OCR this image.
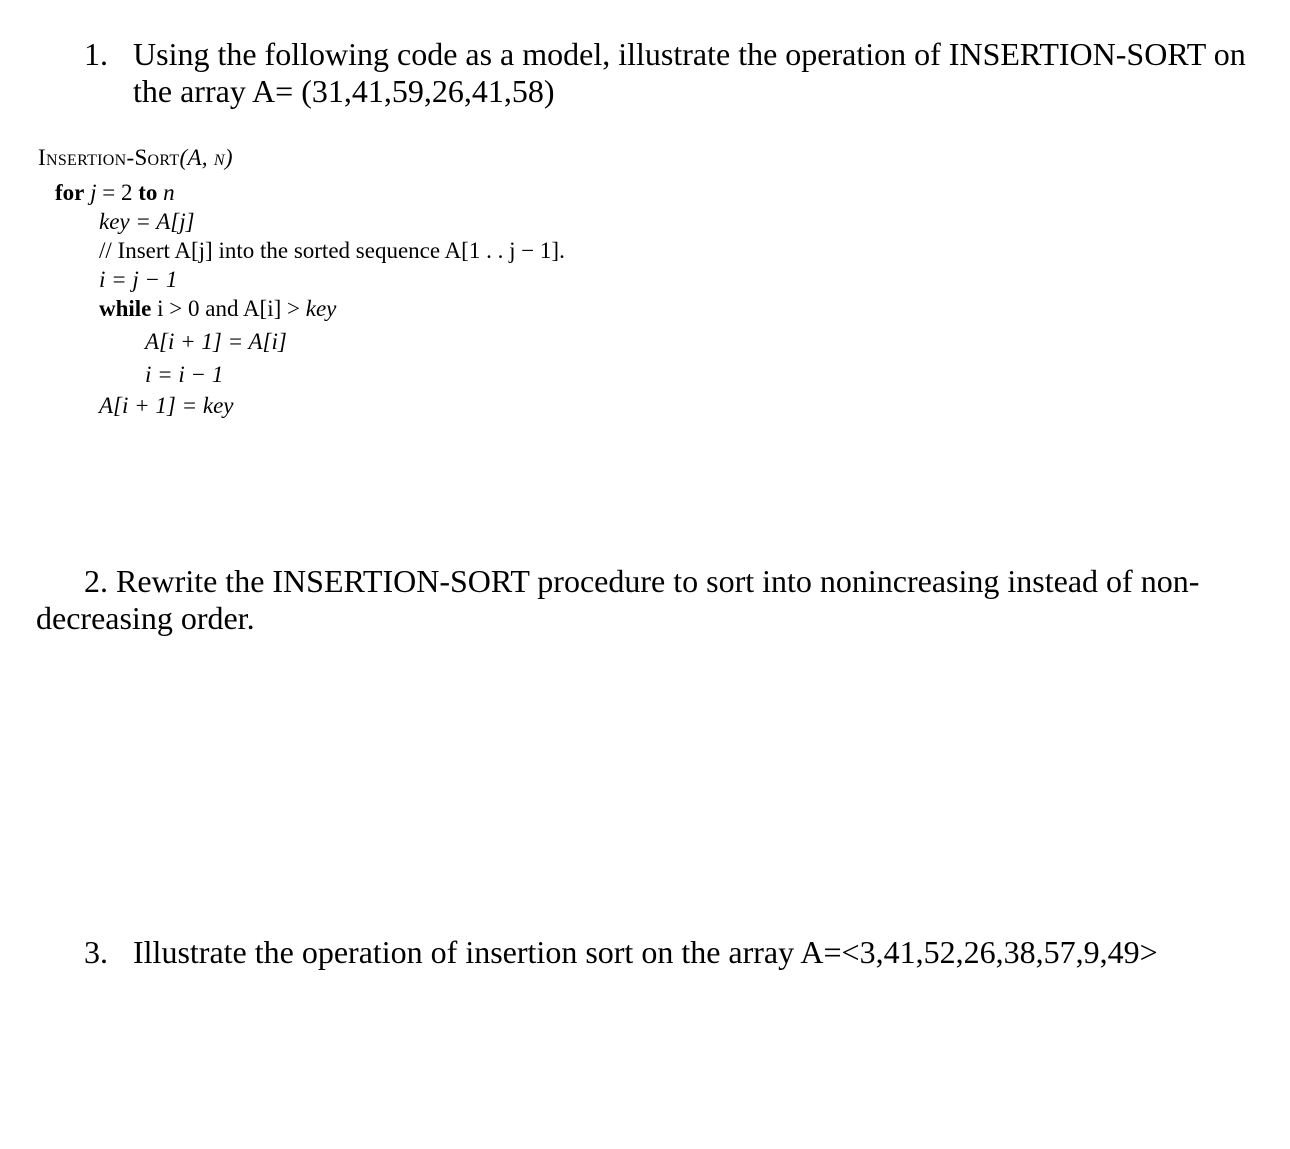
1. Using the following code as a model, illustrate the operation of INSERTION-SORT on
the array A= (31,41,59,26,41,58)
Insertion-Sort(A, n)
for j = 2 to n
key = A[j]
// Insert A[j] into the sorted sequence A[1 . . j − 1].
i = j − 1
while i > 0 and A[i] > key
A[i + 1] = A[i]
i = i − 1
A[i + 1] = key
2. Rewrite the INSERTION-SORT procedure to sort into nonincreasing instead of non-
decreasing order.
3. Illustrate the operation of insertion sort on the array A=<3,41,52,26,38,57,9,49>
